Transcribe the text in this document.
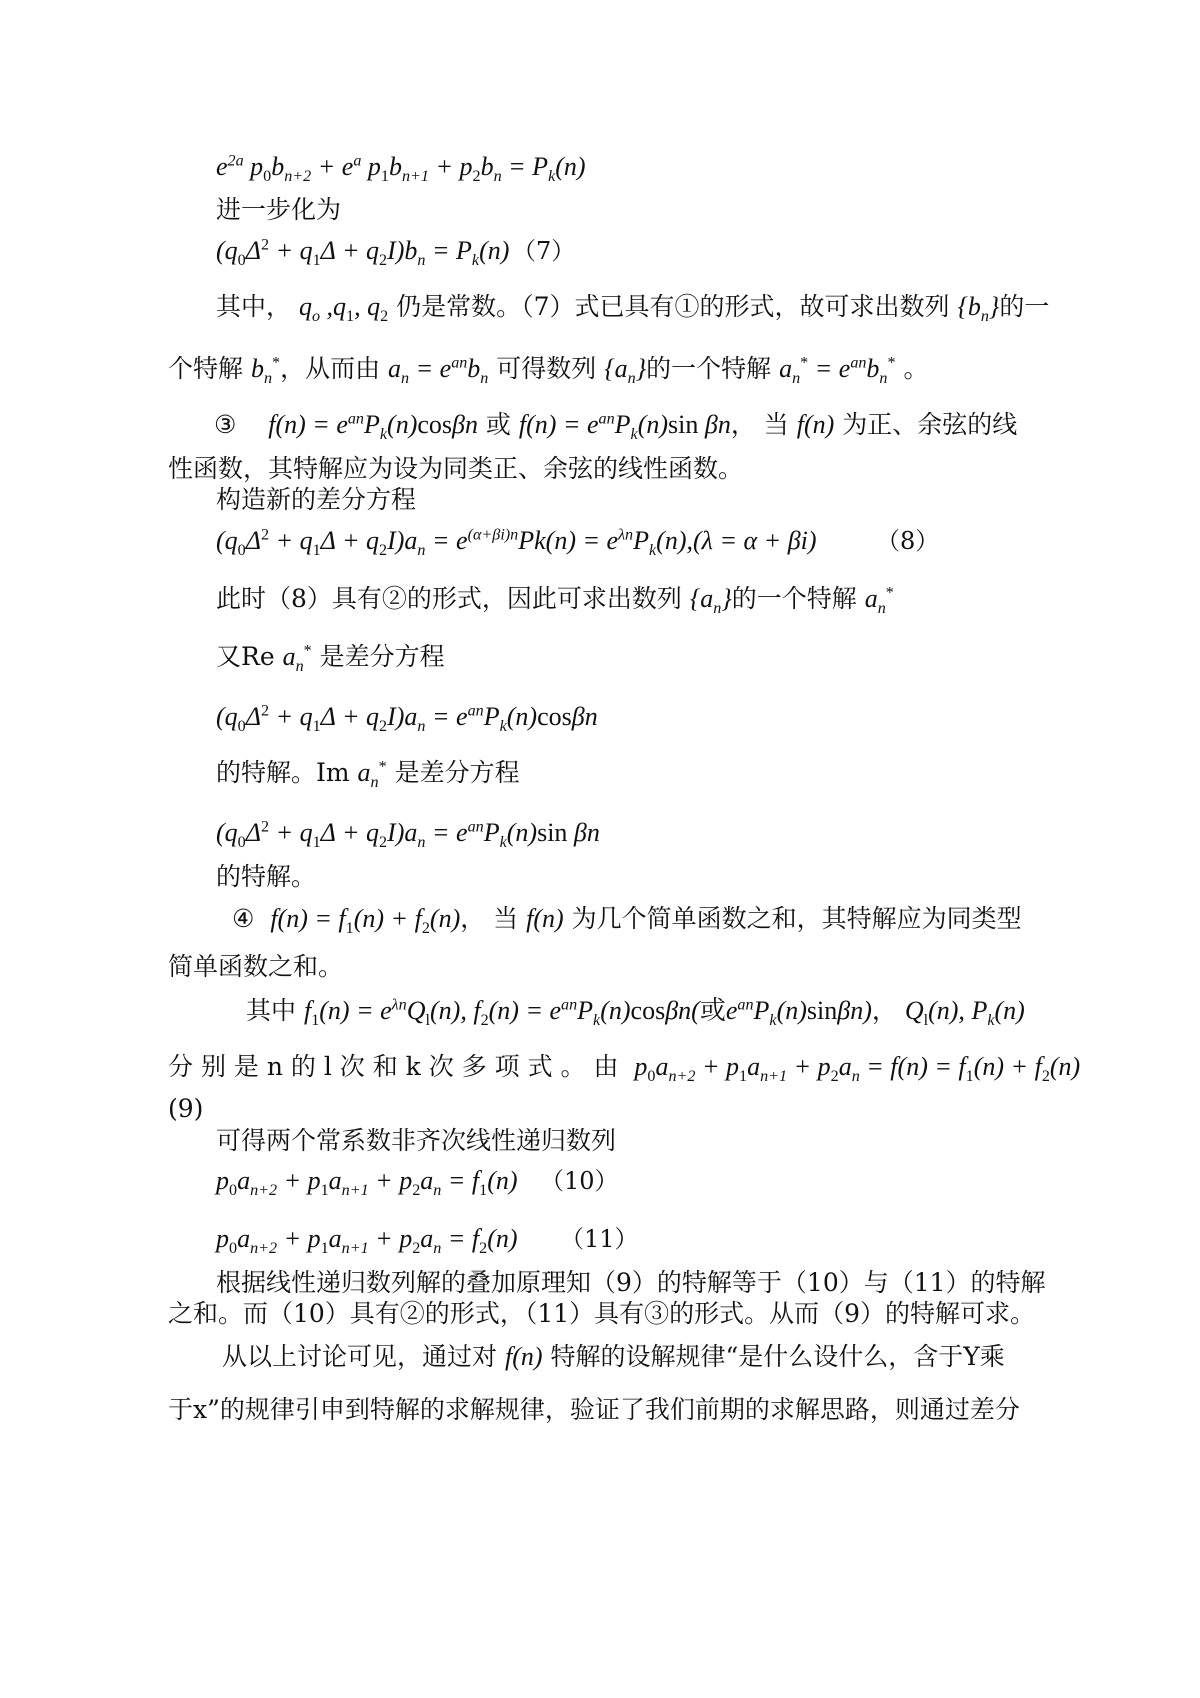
$e^{2a}$ $p_0b_{n+2} + e^a$ $p_1b_{n+1} + p_2b_n = P_k(n)$
进一步化为
$(q_0\Delta^2 + q_1\Delta + q_2I)b_n = P_k(n)$ （7）
其中， $q_o$ $,q_1$, $q_2$ 仍是常数。（7）式已具有①的形式，故可求出数列 $\{b_n\}$的一
个特解 $b_n^*$，从而由 $a_n = e^{an}b_n$ 可得数列 $\{a_n\}$的一个特解 $a_n^* = e^{an}b_n^*$ 。
③    $f(n) = e^{an}P_k(n)\cos\beta n$ 或 $f(n) = e^{an}P_k(n)\sin$ βn， 当 f(n) 为正、余弦的线
性函数，其特解应为设为同类正、余弦的线性函数。
构造新的差分方程
$(q_0\Delta^2 + q_1\Delta + q_2I)a_n = e^{(\alpha+\beta i)n}Pk(n) = e^{\lambda n}P_k(n),(\lambda = \alpha + \beta i)$ （8）
此时（8）具有②的形式，因此可求出数列 $\{a_n\}$的一个特解 $a_n^*$
又Re $a_n^*$ 是差分方程
$(q_0\Delta^2 + q_1\Delta + q_2I)a_n = e^{an}P_k(n)\cos\beta n$
的特解。Im $a_n^*$ 是差分方程
$(q_0\Delta^2 + q_1\Delta + q_2I)a_n = e^{an}P_k(n)\sin$ βn
的特解。
④  $f(n) = f_1(n) + f_2(n)$， 当 f(n) 为几个简单函数之和，其特解应为同类型
简单函数之和。
其中 $f_1(n) = e^{\lambda n}Q_l(n)$, $f_2(n) = e^{an}P_k(n)\cos\beta n$(或$e^{an}P_k(n)\sin\beta n$)， $Q_l(n)$, $P_k(n)$
分 别 是 n 的 l 次 和 k 次 多 项 式 。 由  $p_0a_{n+2} + p_1a_{n+1} + p_2a_n = f(n) = f_1(n) + f_2(n)$
(9)
可得两个常系数非齐次线性递归数列
$p_0a_{n+2} + p_1a_{n+1} + p_2a_n = f_1(n)$ （10）
$p_0a_{n+2} + p_1a_{n+1} + p_2a_n = f_2(n)$ （11）
根据线性递归数列解的叠加原理知（9）的特解等于（10）与（11）的特解
之和。而（10）具有②的形式，（11）具有③的形式。从而（9）的特解可求。
从以上讨论可见，通过对 f(n) 特解的设解规律“是什么设什么，含于Y乘
于x”的规律引申到特解的求解规律，验证了我们前期的求解思路，则通过差分
